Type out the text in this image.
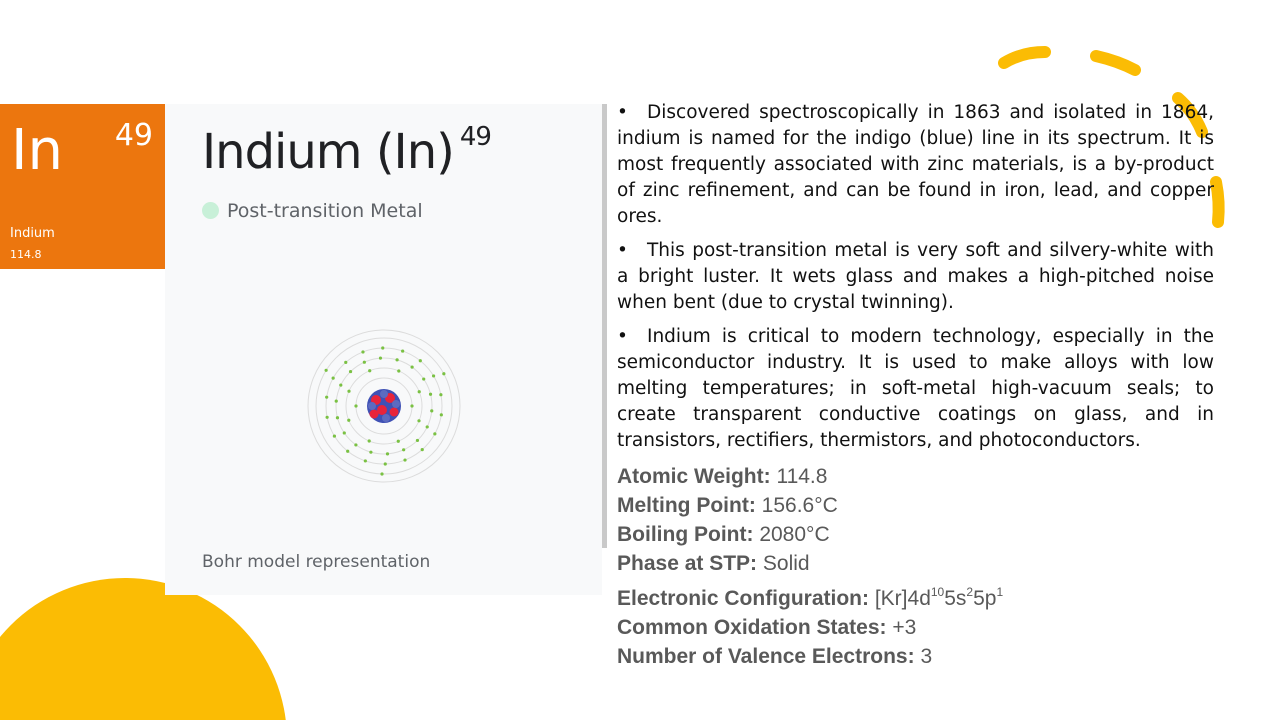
In 49
Indium
114.8
Indium (In) $^{49}$
Post-transition Metal
Bohr model representation

• Discovered spectroscopically in 1863 and isolated in 1864, indium is named for the indigo (blue) line in its spectrum. It is most frequently associated with zinc materials, is a by-product of zinc refinement, and can be found in iron, lead, and copper ores.

• This post-transition metal is very soft and silvery-white with a bright luster. It wets glass and makes a high-pitched noise when bent (due to crystal twinning).

• Indium is critical to modern technology, especially in the semiconductor industry. It is used to make alloys with low melting temperatures; in soft-metal high-vacuum seals; to create transparent conductive coatings on glass, and in transistors, rectifiers, thermistors, and photoconductors.

Atomic Weight: 114.8
Melting Point: 156.6°C
Boiling Point: 2080°C
Phase at STP: Solid
Electronic Configuration: $[Kr]4d^{10}5s^25p^1$
Common Oxidation States: +3
Number of Valence Electrons: 3
